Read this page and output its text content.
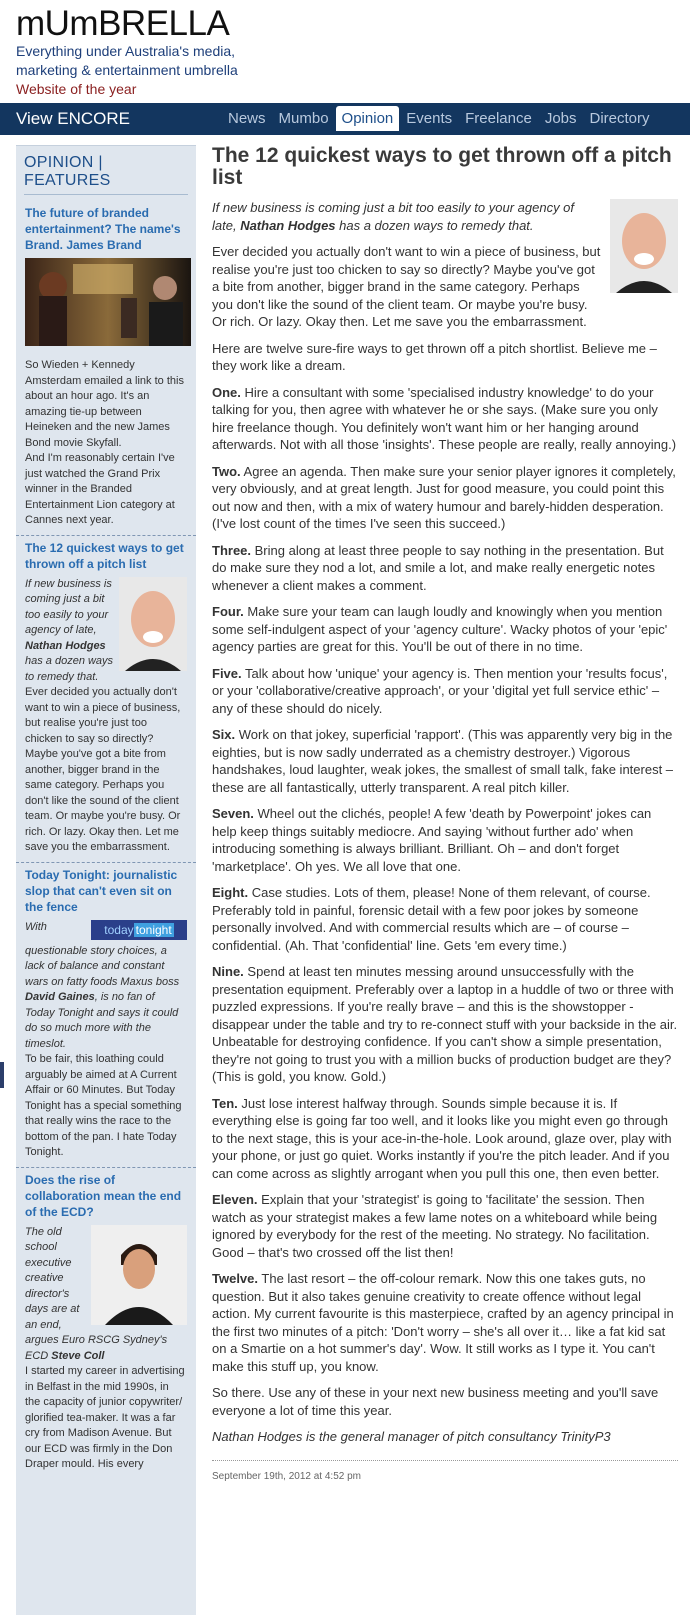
mUmBRELLA
Everything under Australia's media, marketing & entertainment umbrella
Website of the year
View ENCORE	News Mumbo Opinion Events Freelance Jobs Directory
OPINION | FEATURES
The future of branded entertainment? The name's Brand. James Brand
So Wieden + Kennedy Amsterdam emailed a link to this about an hour ago. It's an amazing tie-up between Heineken and the new James Bond movie Skyfall.
And I'm reasonably certain I've just watched the Grand Prix winner in the Branded Entertainment Lion category at Cannes next year.
The 12 quickest ways to get thrown off a pitch list
If new business is coming just a bit too easily to your agency of late, Nathan Hodges has a dozen ways to remedy that.
Ever decided you actually don't want to win a piece of business, but realise you're just too chicken to say so directly? Maybe you've got a bite from another, bigger brand in the same category. Perhaps you don't like the sound of the client team. Or maybe you're busy. Or rich. Or lazy. Okay then. Let me save you the embarrassment.
Today Tonight: journalistic slop that can't even sit on the fence
today tonight
With questionable story choices, a lack of balance and constant wars on fatty foods Maxus boss David Gaines, is no fan of Today Tonight and says it could do so much more with the timeslot.
To be fair, this loathing could arguably be aimed at A Current Affair or 60 Minutes. But Today Tonight has a special something that really wins the race to the bottom of the pan. I hate Today Tonight.
Does the rise of collaboration mean the end of the ECD?
The old school executive creative director's days are at an end, argues Euro RSCG Sydney's ECD Steve Coll
I started my career in advertising in Belfast in the mid 1990s, in the capacity of junior copywriter/ glorified tea-maker. It was a far cry from Madison Avenue. But our ECD was firmly in the Don Draper mould. His every
The 12 quickest ways to get thrown off a pitch list

If new business is coming just a bit too easily to your agency of late, Nathan Hodges has a dozen ways to remedy that.

Ever decided you actually don't want to win a piece of business, but realise you're just too chicken to say so directly? Maybe you've got a bite from another, bigger brand in the same category. Perhaps you don't like the sound of the client team. Or maybe you're busy. Or rich. Or lazy. Okay then. Let me save you the embarrassment.

Here are twelve sure-fire ways to get thrown off a pitch shortlist. Believe me – they work like a dream.

One. Hire a consultant with some 'specialised industry knowledge' to do your talking for you, then agree with whatever he or she says. (Make sure you only hire freelance though. You definitely won't want him or her hanging around afterwards. Not with all those 'insights'. These people are really, really annoying.)

Two. Agree an agenda. Then make sure your senior player ignores it completely, very obviously, and at great length. Just for good measure, you could point this out now and then, with a mix of watery humour and barely-hidden desperation. (I've lost count of the times I've seen this succeed.)

Three. Bring along at least three people to say nothing in the presentation. But do make sure they nod a lot, and smile a lot, and make really energetic notes whenever a client makes a comment.

Four. Make sure your team can laugh loudly and knowingly when you mention some self-indulgent aspect of your 'agency culture'. Wacky photos of your 'epic' agency parties are great for this. You'll be out of there in no time.

Five. Talk about how 'unique' your agency is. Then mention your 'results focus', or your 'collaborative/creative approach', or your 'digital yet full service ethic' – any of these should do nicely.

Six. Work on that jokey, superficial 'rapport'. (This was apparently very big in the eighties, but is now sadly underrated as a chemistry destroyer.) Vigorous handshakes, loud laughter, weak jokes, the smallest of small talk, fake interest – these are all fantastically, utterly transparent. A real pitch killer.

Seven. Wheel out the clichés, people! A few 'death by Powerpoint' jokes can help keep things suitably mediocre. And saying 'without further ado' when introducing something is always brilliant. Brilliant. Oh – and don't forget 'marketplace'. Oh yes. We all love that one.

Eight. Case studies. Lots of them, please! None of them relevant, of course. Preferably told in painful, forensic detail with a few poor jokes by someone personally involved. And with commercial results which are – of course – confidential. (Ah. That 'confidential' line. Gets 'em every time.)

Nine. Spend at least ten minutes messing around unsuccessfully with the presentation equipment. Preferably over a laptop in a huddle of two or three with puzzled expressions. If you're really brave – and this is the showstopper - disappear under the table and try to re-connect stuff with your backside in the air. Unbeatable for destroying confidence. If you can't show a simple presentation, they're not going to trust you with a million bucks of production budget are they? (This is gold, you know. Gold.)

Ten. Just lose interest halfway through. Sounds simple because it is. If everything else is going far too well, and it looks like you might even go through to the next stage, this is your ace-in-the-hole. Look around, glaze over, play with your phone, or just go quiet. Works instantly if you're the pitch leader. And if you can come across as slightly arrogant when you pull this one, then even better.

Eleven. Explain that your 'strategist' is going to 'facilitate' the session. Then watch as your strategist makes a few lame notes on a whiteboard while being ignored by everybody for the rest of the meeting. No strategy. No facilitation. Good – that's two crossed off the list then!

Twelve. The last resort – the off-colour remark. Now this one takes guts, no question. But it also takes genuine creativity to create offence without legal action. My current favourite is this masterpiece, crafted by an agency principal in the first two minutes of a pitch: 'Don't worry – she's all over it… like a fat kid sat on a Smartie on a hot summer's day'. Wow. It still works as I type it. You can't make this stuff up, you know.

So there. Use any of these in your next new business meeting and you'll save everyone a lot of time this year.

Nathan Hodges is the general manager of pitch consultancy TrinityP3

September 19th, 2012 at 4:52 pm
